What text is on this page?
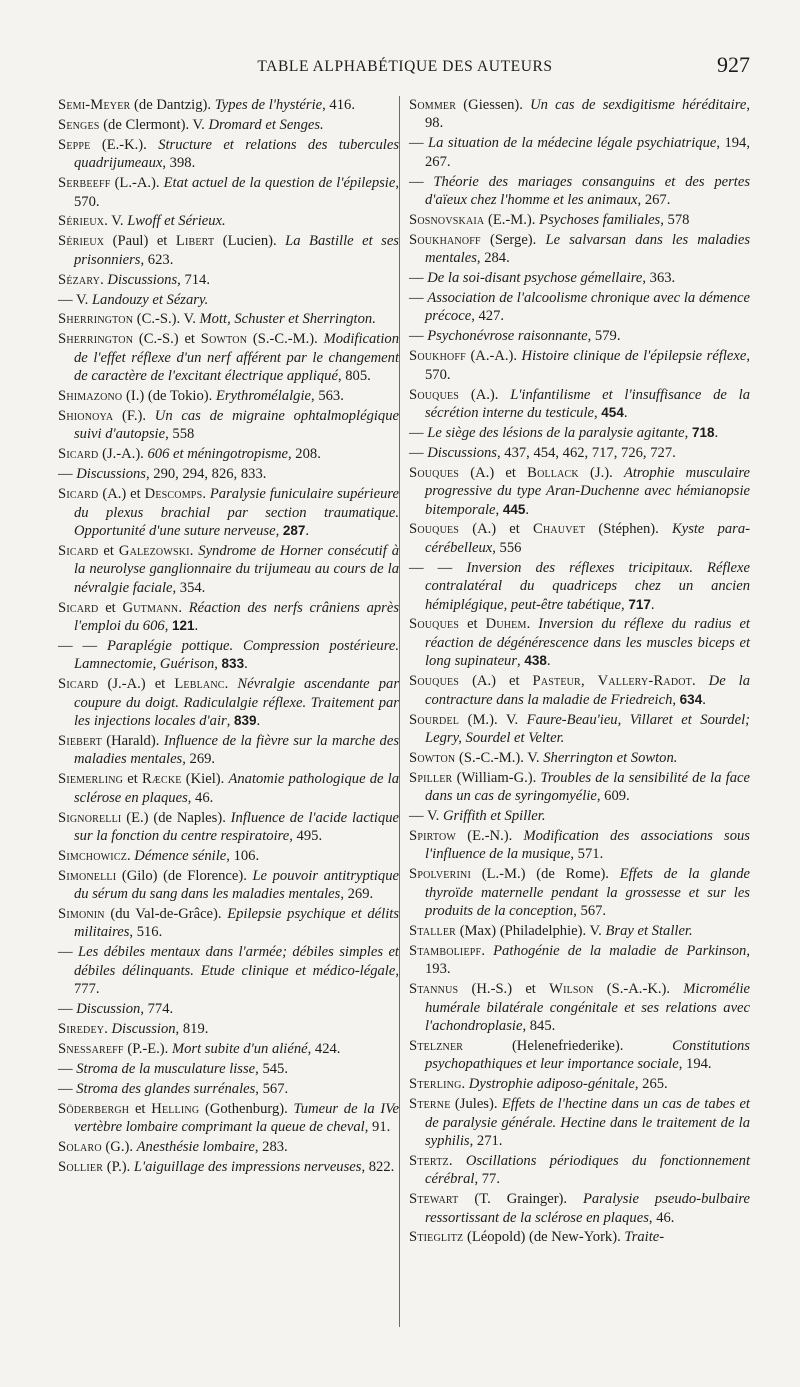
TABLE ALPHABÉTIQUE DES AUTEURS	927

Semi-Meyer (de Dantzig). Types de l'hystérie, 416.

Senges (de Clermont). V. Dromard et Senges.

Seppe (E.-K.). Structure et relations des tubercules quadrijumeaux, 398.

Serbeeff (L.-A.). Etat actuel de la question de l'épilepsie, 570.

Sérieux. V. Lwoff et Sérieux.

Sérieux (Paul) et Libert (Lucien). La Bastille et ses prisonniers, 623.

Sézary. Discussions, 714.

— V. Landouzy et Sézary.

Sherrington (C.-S.). V. Mott, Schuster et Sherrington.

Sherrington (C.-S.) et Sowton (S.-C.-M.). Modification de l'effet réflexe d'un nerf afférent par le changement de caractère de l'excitant électrique appliqué, 805.

Shimazono (I.) (de Tokio). Erythromélalgie, 563.

Shionoya (F.). Un cas de migraine ophtalmoplégique suivi d'autopsie, 558

Sicard (J.-A.). 606 et méningotropisme, 208.

— Discussions, 290, 294, 826, 833.

Sicard (A.) et Descomps. Paralysie funiculaire supérieure du plexus brachial par section traumatique. Opportunité d'une suture nerveuse, 287.

Sicard et Galezowski. Syndrome de Horner consécutif à la neurolyse ganglionnaire du trijumeau au cours de la névralgie faciale, 354.

Sicard et Gutmann. Réaction des nerfs crâniens après l'emploi du 606, 121.

— — Paraplégie pottique. Compression postérieure. Lamnectomie, Guérison, 833.

Sicard (J.-A.) et Leblanc. Névralgie ascendante par coupure du doigt. Radiculalgie réflexe. Traitement par les injections locales d'air, 839.

Siebert (Harald). Influence de la fièvre sur la marche des maladies mentales, 269.

Siemerling et Ræcke (Kiel). Anatomie pathologique de la sclérose en plaques, 46.

Signorelli (E.) (de Naples). Influence de l'acide lactique sur la fonction du centre respiratoire, 495.

Simchowicz. Démence sénile, 106.

Simonelli (Gilo) (de Florence). Le pouvoir antitryptique du sérum du sang dans les maladies mentales, 269.

Simonin (du Val-de-Grâce). Epilepsie psychique et délits militaires, 516.

— Les débiles mentaux dans l'armée; débiles simples et débiles délinquants. Etude clinique et médico-légale, 777.

— Discussion, 774.

Siredey. Discussion, 819.

Snessareff (P.-E.). Mort subite d'un aliéné, 424.

— Stroma de la musculature lisse, 545.

— Stroma des glandes surrénales, 567.

Söderbergh et Helling (Gothenburg). Tumeur de la IVe vertèbre lombaire comprimant la queue de cheval, 91.

Solaro (G.). Anesthésie lombaire, 283.

Sollier (P.). L'aiguillage des impressions nerveuses, 822.

Sommer (Giessen). Un cas de sexdigitisme héréditaire, 98.

— La situation de la médecine légale psychiatrique, 194, 267.

— Théorie des mariages consanguins et des pertes d'aïeux chez l'homme et les animaux, 267.

Sosnovskaia (E.-M.). Psychoses familiales, 578

Soukhanoff (Serge). Le salvarsan dans les maladies mentales, 284.

— De la soi-disant psychose gémellaire, 363.

— Association de l'alcoolisme chronique avec la démence précoce, 427.

— Psychonévrose raisonnante, 579.

Soukhoff (A.-A.). Histoire clinique de l'épilepsie réflexe, 570.

Souques (A.). L'infantilisme et l'insuffisance de la sécrétion interne du testicule, 454.

— Le siège des lésions de la paralysie agitante, 718.

— Discussions, 437, 454, 462, 717, 726, 727.

Souques (A.) et Bollack (J.). Atrophie musculaire progressive du type Aran-Duchenne avec hémianopsie bitemporale, 445.

Souques (A.) et Chauvet (Stéphen). Kyste para-cérébelleux, 556

— — Inversion des réflexes tricipitaux. Réflexe contralatéral du quadriceps chez un ancien hémiplégique, peut-être tabétique, 717.

Souques et Duhem. Inversion du réflexe du radius et réaction de dégénérescence dans les muscles biceps et long supinateur, 438.

Souques (A.) et Pasteur, Vallery-Radot. De la contracture dans la maladie de Friedreich, 634.

Sourdel (M.). V. Faure-Beau'ieu, Villaret et Sourdel; Legry, Sourdel et Velter.

Sowton (S.-C.-M.). V. Sherrington et Sowton.

Spiller (William-G.). Troubles de la sensibilité de la face dans un cas de syringomyélie, 609.

— V. Griffith et Spiller.

Spirtow (E.-N.). Modification des associations sous l'influence de la musique, 571.

Spolverini (L.-M.) (de Rome). Effets de la glande thyroïde maternelle pendant la grossesse et sur les produits de la conception, 567.

Staller (Max) (Philadelphie). V. Bray et Staller.

Stamboliepf. Pathogénie de la maladie de Parkinson, 193.

Stannus (H.-S.) et Wilson (S.-A.-K.). Micromélie humérale bilatérale congénitale et ses relations avec l'achondroplasie, 845.

Stelzner (Helenefriederike). Constitutions psychopathiques et leur importance sociale, 194.

Sterling. Dystrophie adiposo-génitale, 265.

Sterne (Jules). Effets de l'hectine dans un cas de tabes et de paralysie générale. Hectine dans le traitement de la syphilis, 271.

Stertz. Oscillations périodiques du fonctionnement cérébral, 77.

Stewart (T. Grainger). Paralysie pseudo-bulbaire ressortissant de la sclérose en plaques, 46.

Stieglitz (Léopold) (de New-York). Traite-
